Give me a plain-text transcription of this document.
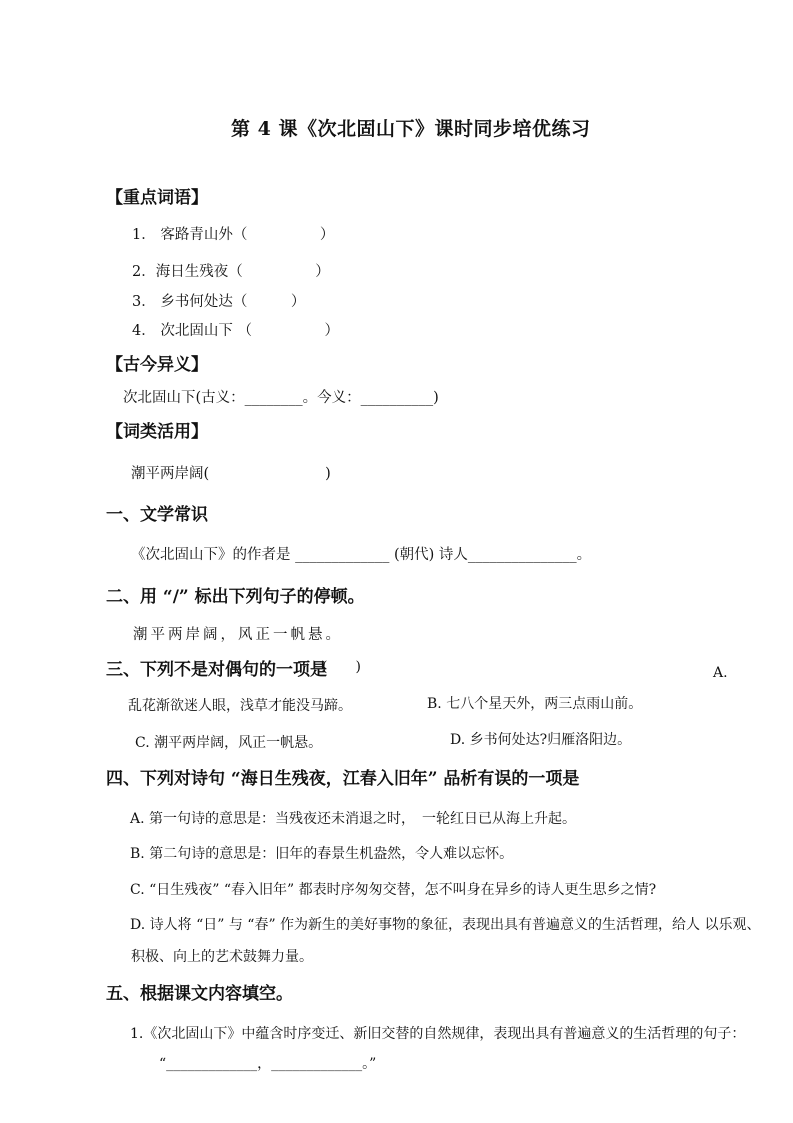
第 4 课《次北固山下》课时同步培优练习
【重点词语】
1． 客路青山外（　　　　　）
2．海日生残夜（　　　　　）
3． 乡书何处达（　　　）
4． 次北固山下 （　　　　　）
【古今异义】
次北固山下(古义：________。今义：__________)
【词类活用】
潮平两岸阔(　　　　　　　　)
一、文学常识
《次北固山下》的作者是 _____________ (朝代) 诗人_______________。
二、用 “/” 标出下列句子的停顿。
潮平两岸阔，风正一帆悬。
三、下列不是对偶句的一项是
(　　)	A.
乱花渐欲迷人眼，浅草才能没马蹄。	B. 七八个星天外，两三点雨山前。
C. 潮平两岸阔，风正一帆悬。	D. 乡书何处达?归雁洛阳边。
四、下列对诗句 “海日生残夜，江春入旧年” 品析有误的一项是
A. 第一句诗的意思是：当残夜还未消退之时，　一轮红日已从海上升起。
B. 第二句诗的意思是：旧年的春景生机盎然，令人难以忘怀。
C. “日生残夜” “春入旧年” 都表时序匆匆交替，怎不叫身在异乡的诗人更生思乡之情?
D. 诗人将 “日” 与 “春” 作为新生的美好事物的象征，表现出具有普遍意义的生活哲理，给人 以乐观、
积极、向上的艺术鼓舞力量。
五、根据课文内容填空。
1.《次北固山下》中蕴含时序变迁、新旧交替的自然规律，表现出具有普遍意义的生活哲理的句子：
“_____________，_____________。”
